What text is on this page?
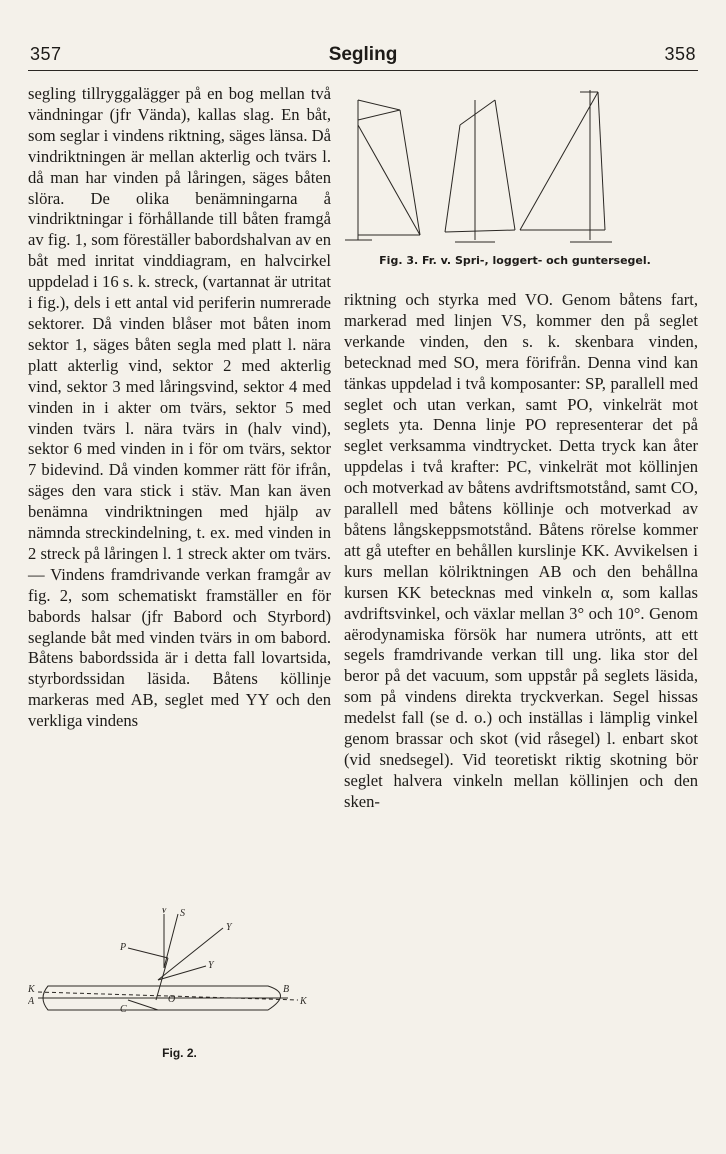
357	Segling	358

segling tillryggalägger på en bog mellan två vändningar (jfr Vända), kallas slag. En båt, som seglar i vindens riktning, säges länsa. Då vindriktningen är mellan akterlig och tvärs l. då man har vinden på låringen, säges båten slöra. De olika benämningarna å vindriktningar i förhållande till båten framgå av fig. 1, som föreställer babordshalvan av en båt med inritat vinddiagram, en halvcirkel uppdelad i 16 s. k. streck, (vartannat är utritat i fig.), dels i ett antal vid periferin numrerade sektorer. Då vinden blåser mot båten inom sektor 1, säges båten segla med platt l. nära platt akterlig vind, sektor 2 med akterlig vind, sektor 3 med låringsvind, sektor 4 med vinden in i akter om tvärs, sektor 5 med vinden tvärs l. nära tvärs in (halv vind), sektor 6 med vinden in i för om tvärs, sektor 7 bidevind. Då vinden kommer rätt för ifrån, säges den vara stick i stäv. Man kan även benämna vindriktningen med hjälp av nämnda streckindelning, t. ex. med vinden in 2 streck på låringen l. 1 streck akter om tvärs. — Vindens framdrivande verkan framgår av fig. 2, som schematiskt framställer en för babords halsar (jfr Babord och Styrbord) seglande båt med vinden tvärs in om babord. Båtens babordssida är i detta fall lovartsida, styrbordssidan läsida. Båtens köllinje markeras med AB, seglet med YY och den verkliga vindens

Fig. 3. Fr. v. Spri-, loggert- och guntersegel.

riktning och styrka med VO. Genom båtens fart, markerad med linjen VS, kommer den på seglet verkande vinden, den s. k. skenbara vinden, betecknad med SO, mera förifrån. Denna vind kan tänkas uppdelad i två komposanter: SP, parallell med seglet och utan verkan, samt PO, vinkelrät mot seglets yta. Denna linje PO representerar det på seglet verksamma vindtrycket. Detta tryck kan åter uppdelas i två krafter: PC, vinkelrät mot köllinjen och motverkad av båtens avdriftsmotstånd, samt CO, parallell med båtens köllinje och motverkad av båtens långskeppsmotstånd. Båtens rörelse kommer att gå utefter en behållen kurslinje KK. Avvikelsen i kurs mellan kölriktningen AB och den behållna kursen KK betecknas med vinkeln α, som kallas avdriftsvinkel, och växlar mellan 3° och 10°. Genom aërodynamiska försök har numera utrönts, att ett segels framdrivande verkan till ung. lika stor del beror på det vacuum, som uppstår på seglets läsida, som på vindens direkta tryckverkan. Segel hissas medelst fall (se d. o.) och inställas i lämplig vinkel genom brassar och skot (vid råsegel) l. enbart skot (vid snedsegel). Vid teoretiskt riktig skotning bör seglet halvera vinkeln mellan köllinjen och den sken-

V S
P
Y
Y
K
A
C
B
O	K
Fig. 2.
